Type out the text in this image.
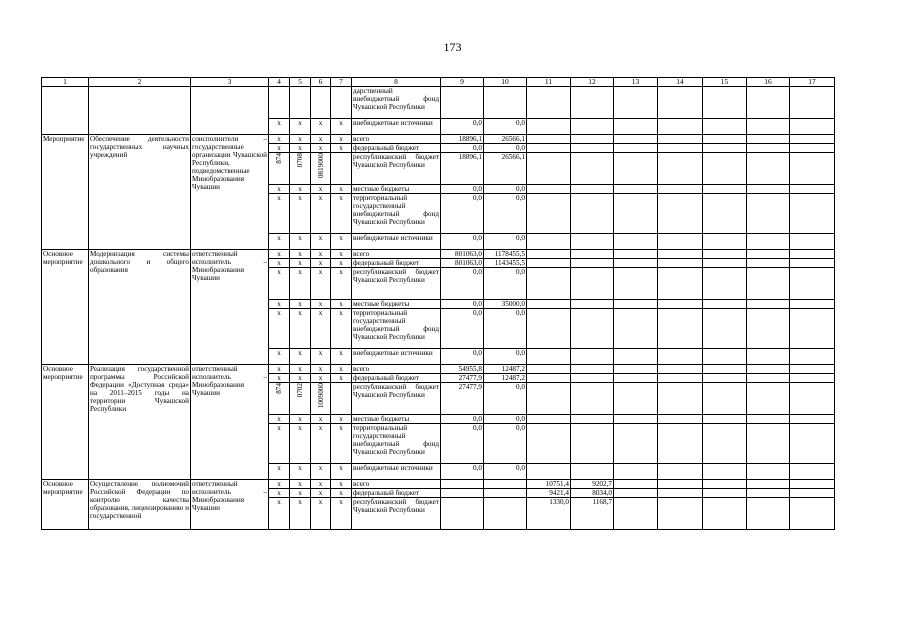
173
1	2	3	4	5	6	7	8	9	10	11	12	13	14	15	16	17
							дарственный внебюджетный фонд Чувашской Республики									
			x	x	x	x	внебюджетные источники	0,0	0,0							
Мероприятие	Обеспечение деятельности государственных научных учреждений	соисполнители – государственные организации Чувашской Республики, подведомственные Минобразования Чувашии	x	x	x	x	всего	18896,1	26566,1							
			x	x	x	x	федеральный бюджет	0,0	0,0							
			874	0708	0819000		республиканский бюджет Чувашской Республики	18896,1	26566,1							
			x	x	x	x	местные бюджеты	0,0	0,0							
			x	x	x	x	территориальный государственный внебюджетный фонд Чувашской Республики	0,0	0,0							
			x	x	x	x	внебюджетные источники	0,0	0,0							
Основное мероприятие	Модернизация системы дошкольного и общего образования	ответственный исполнитель – Минобразования Чувашии	x	x	x	x	всего	801063,0	1178455,5							
			x	x	x	x	федеральный бюджет	801063,0	1143455,5							
			x	x	x	x	республиканский бюджет Чувашской Республики	0,0	0,0							
			x	x	x	x	местные бюджеты	0,0	35000,0							
			x	x	x	x	территориальный государственный внебюджетный фонд Чувашской Республики	0,0	0,0							
			x	x	x	x	внебюджетные источники	0,0	0,0							
Основное мероприятие	Реализация государственной программы Российской Федерации «Доступная среда» на 2011–2015 годы на территории Чувашской Республики	ответственный исполнитель – Минобразования Чувашии	x	x	x	x	всего	54955,8	12487,2							
			x	x	x	x	федеральный бюджет	27477,9	12487,2							
			874	0702	1009000		республиканский бюджет Чувашской Республики	27477,9	0,0							
			x	x	x	x	местные бюджеты	0,0	0,0							
			x	x	x	x	территориальный государственный внебюджетный фонд Чувашской Республики	0,0	0,0							
			x	x	x	x	внебюджетные источники	0,0	0,0							
Основное мероприятие	Осуществление полномочий Российской Федерации по контролю качества образования, лицензированию и государственной	ответственный исполнитель – Минобразования Чувашии	x	x	x	x	всего			10751,4	9202,7					
			x	x	x	x	федеральный бюджет			9421,4	8034,0					
			x	x	x	x	республиканский бюджет Чувашской Республики			1330,0	1168,7					
